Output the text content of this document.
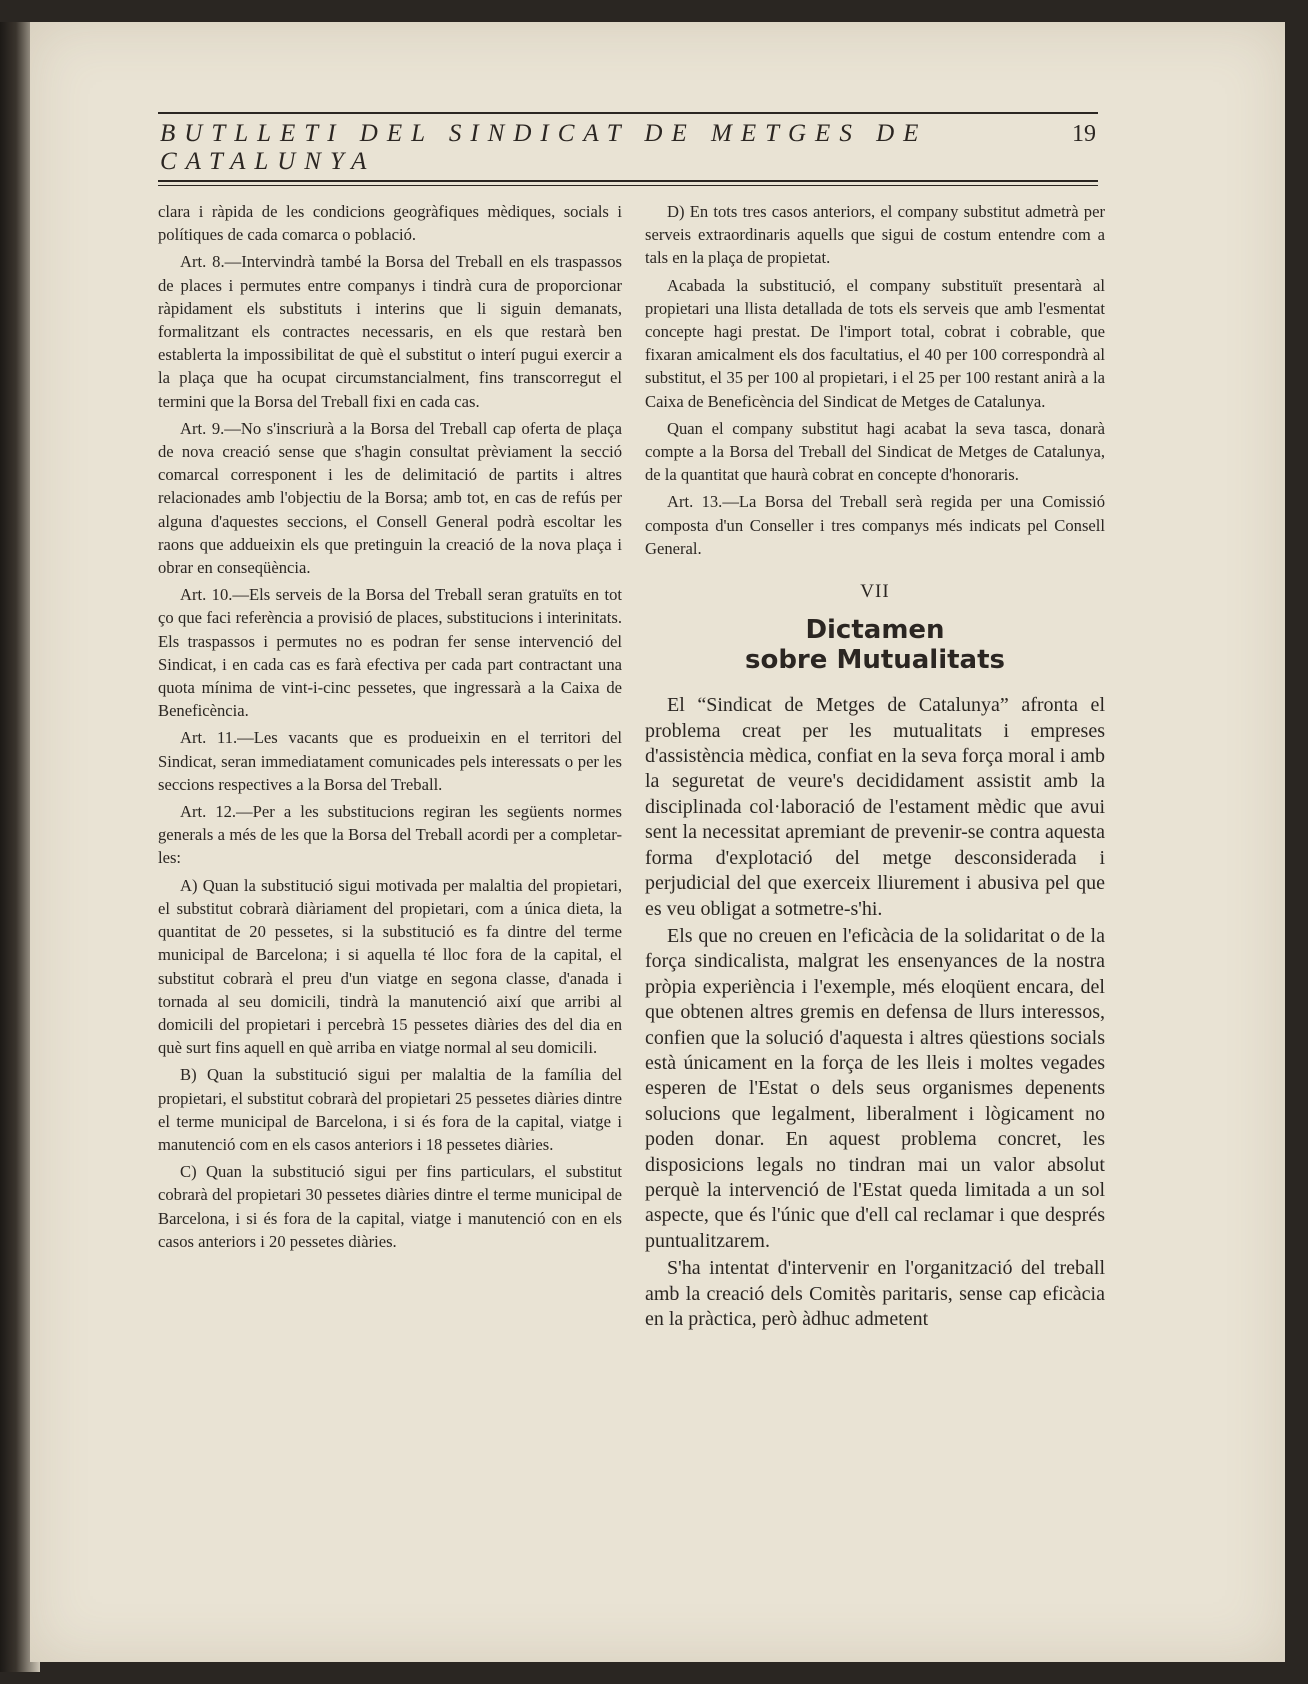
BUTLLETI DEL SINDICAT DE METGES DE CATALUNYA
19

clara i ràpida de les condicions geogràfiques mèdiques, socials i polítiques de cada comarca o població.

Art. 8.—Intervindrà també la Borsa del Treball en els traspassos de places i permutes entre companys i tindrà cura de proporcionar ràpidament els substituts i interins que li siguin demanats, formalitzant els contractes necessaris, en els que restarà ben establerta la impossibilitat de què el substitut o interí pugui exercir a la plaça que ha ocupat circumstancialment, fins transcorregut el termini que la Borsa del Treball fixi en cada cas.

Art. 9.—No s'inscriurà a la Borsa del Treball cap oferta de plaça de nova creació sense que s'hagin consultat prèviament la secció comarcal corresponent i les de delimitació de partits i altres relacionades amb l'objectiu de la Borsa; amb tot, en cas de refús per alguna d'aquestes seccions, el Consell General podrà escoltar les raons que addueixin els que pretinguin la creació de la nova plaça i obrar en conseqüència.

Art. 10.—Els serveis de la Borsa del Treball seran gratuïts en tot ço que faci referència a provisió de places, substitucions i interinitats. Els traspassos i permutes no es podran fer sense intervenció del Sindicat, i en cada cas es farà efectiva per cada part contractant una quota mínima de vint-i-cinc pessetes, que ingressarà a la Caixa de Beneficència.

Art. 11.—Les vacants que es produeixin en el territori del Sindicat, seran immediatament comunicades pels interessats o per les seccions respectives a la Borsa del Treball.

Art. 12.—Per a les substitucions regiran les següents normes generals a més de les que la Borsa del Treball acordi per a completar-les:

A) Quan la substitució sigui motivada per malaltia del propietari, el substitut cobrarà diàriament del propietari, com a única dieta, la quantitat de 20 pessetes, si la substitució es fa dintre del terme municipal de Barcelona; i si aquella té lloc fora de la capital, el substitut cobrarà el preu d'un viatge en segona classe, d'anada i tornada al seu domicili, tindrà la manutenció així que arribi al domicili del propietari i percebrà 15 pessetes diàries des del dia en què surt fins aquell en què arriba en viatge normal al seu domicili.

B) Quan la substitució sigui per malaltia de la família del propietari, el substitut cobrarà del propietari 25 pessetes diàries dintre el terme municipal de Barcelona, i si és fora de la capital, viatge i manutenció com en els casos anteriors i 18 pessetes diàries.

C) Quan la substitució sigui per fins particulars, el substitut cobrarà del propietari 30 pessetes diàries dintre el terme municipal de Barcelona, i si és fora de la capital, viatge i manutenció con en els casos anteriors i 20 pessetes diàries.

D) En tots tres casos anteriors, el company substitut admetrà per serveis extraordinaris aquells que sigui de costum entendre com a tals en la plaça de propietat.

Acabada la substitució, el company substituït presentarà al propietari una llista detallada de tots els serveis que amb l'esmentat concepte hagi prestat. De l'import total, cobrat i cobrable, que fixaran amicalment els dos facultatius, el 40 per 100 correspondrà al substitut, el 35 per 100 al propietari, i el 25 per 100 restant anirà a la Caixa de Beneficència del Sindicat de Metges de Catalunya.

Quan el company substitut hagi acabat la seva tasca, donarà compte a la Borsa del Treball del Sindicat de Metges de Catalunya, de la quantitat que haurà cobrat en concepte d'honoraris.

Art. 13.—La Borsa del Treball serà regida per una Comissió composta d'un Conseller i tres companys més indicats pel Consell General.

VII
Dictamen
sobre Mutualitats

El “Sindicat de Metges de Catalunya” afronta el problema creat per les mutualitats i empreses d'assistència mèdica, confiat en la seva força moral i amb la seguretat de veure's decididament assistit amb la disciplinada col·laboració de l'estament mèdic que avui sent la necessitat apremiant de prevenir-se contra aquesta forma d'explotació del metge desconsiderada i perjudicial del que exerceix lliurement i abusiva pel que es veu obligat a sotmetre-s'hi.

Els que no creuen en l'eficàcia de la solidaritat o de la força sindicalista, malgrat les ensenyances de la nostra pròpia experiència i l'exemple, més eloqüent encara, del que obtenen altres gremis en defensa de llurs interessos, confien que la solució d'aquesta i altres qüestions socials està únicament en la força de les lleis i moltes vegades esperen de l'Estat o dels seus organismes depenents solucions que legalment, liberalment i lògicament no poden donar. En aquest problema concret, les disposicions legals no tindran mai un valor absolut perquè la intervenció de l'Estat queda limitada a un sol aspecte, que és l'únic que d'ell cal reclamar i que després puntualitzarem.

S'ha intentat d'intervenir en l'organització del treball amb la creació dels Comitès paritaris, sense cap eficàcia en la pràctica, però àdhuc admetent
